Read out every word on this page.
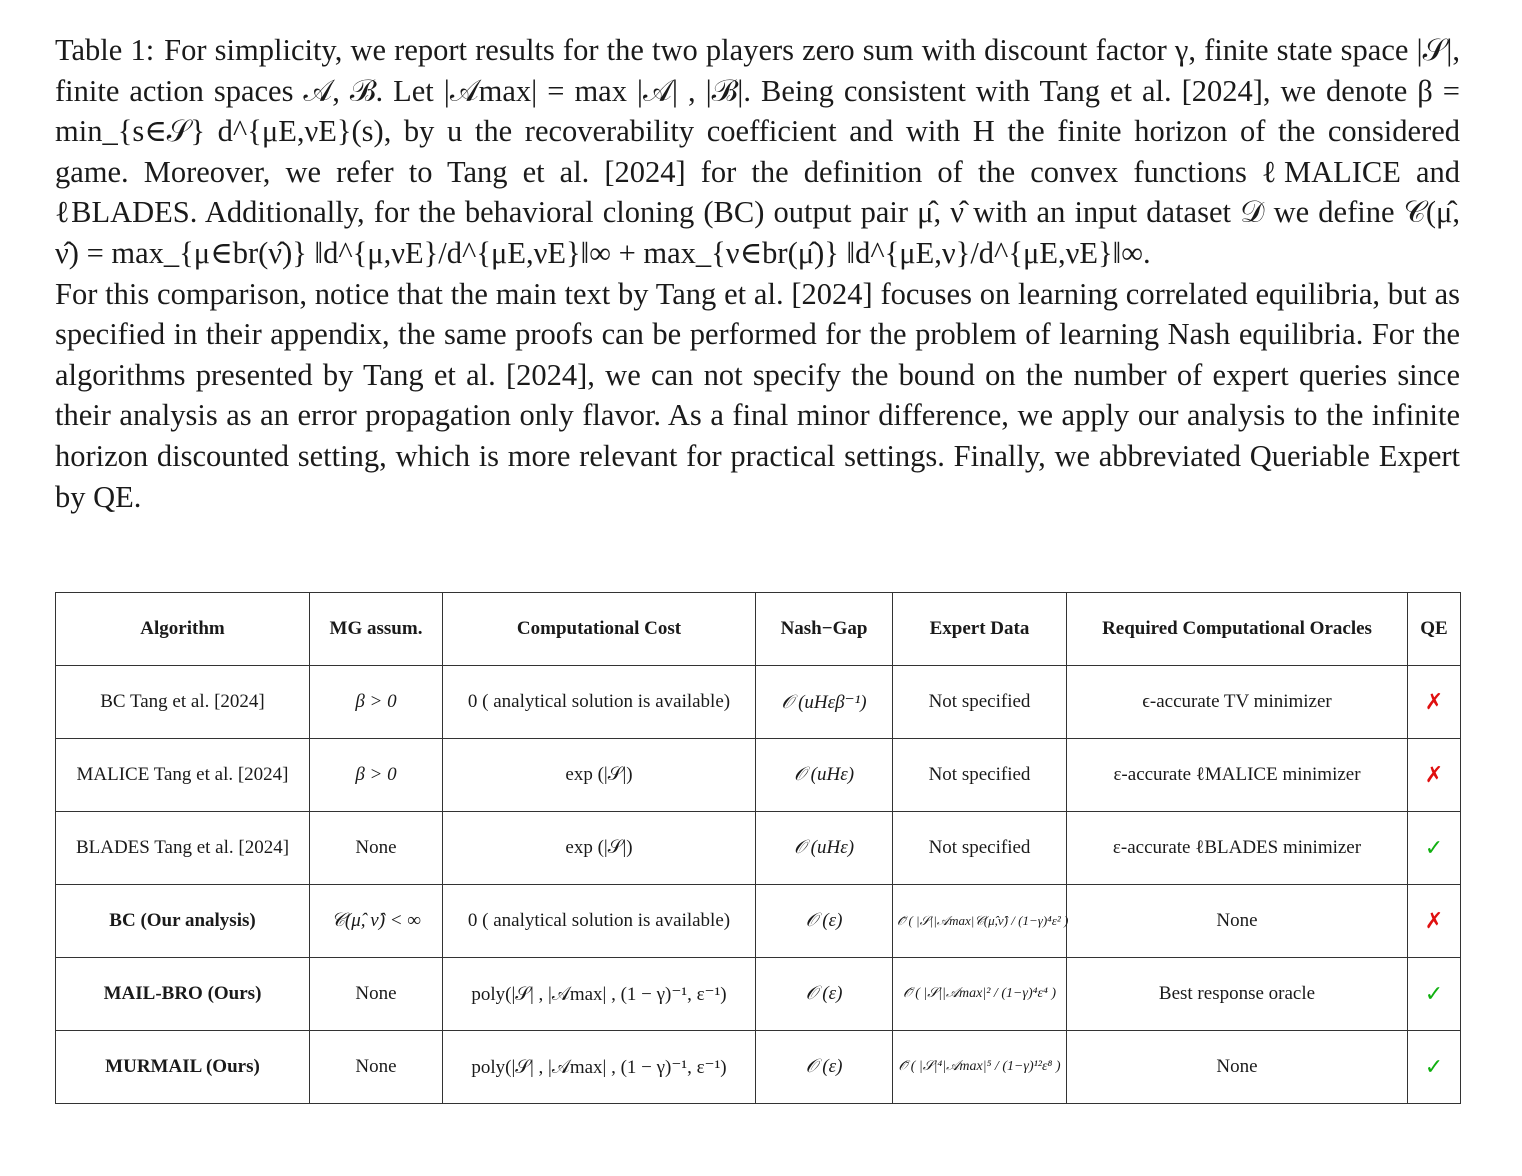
Table 1: For simplicity, we report results for the two players zero sum with discount factor γ, finite state space |𝒮|, finite action spaces 𝒜, ℬ. Let |𝒜max| = max |𝒜| , |ℬ|. Being consistent with Tang et al. [2024], we denote β = min_{s∈𝒮} d^{μE,νE}(s), by u the recoverability coefficient and with H the finite horizon of the considered game. Moreover, we refer to Tang et al. [2024] for the definition of the convex functions ℓMALICE and ℓBLADES. Additionally, for the behavioral cloning (BC) output pair μ̂, ν̂ with an input dataset 𝒟 we define 𝒞(μ̂, ν̂) = max_{μ∈br(ν̂)} ‖d^{μ,νE}/d^{μE,νE}‖∞ + max_{ν∈br(μ̂)} ‖d^{μE,ν}/d^{μE,νE}‖∞.

For this comparison, notice that the main text by Tang et al. [2024] focuses on learning correlated equilibria, but as specified in their appendix, the same proofs can be performed for the problem of learning Nash equilibria. For the algorithms presented by Tang et al. [2024], we can not specify the bound on the number of expert queries since their analysis as an error propagation only flavor. As a final minor difference, we apply our analysis to the infinite horizon discounted setting, which is more relevant for practical settings. Finally, we abbreviated Queriable Expert by QE.

Algorithm	MG assum.	Computational Cost	Nash−Gap	Expert Data	Required Computational Oracles	QE
BC Tang et al. [2024]	β > 0	0 ( analytical solution is available)	𝒪 (uHεβ⁻¹)	Not specified	ϵ-accurate TV minimizer	✗
MALICE Tang et al. [2024]	β > 0	exp (|𝒮|)	𝒪 (uHε)	Not specified	ε-accurate ℓMALICE minimizer	✗
BLADES Tang et al. [2024]	None	exp (|𝒮|)	𝒪 (uHε)	Not specified	ε-accurate ℓBLADES minimizer	✓
BC (Our analysis)	𝒞(μ̂, ν̂) < ∞	0 ( analytical solution is available)	𝒪 (ε)	𝒪̃ ( |𝒮||𝒜max|𝒞(μ̂,ν̂) / (1−γ)⁴ε² )	None	✗
MAIL-BRO (Ours)	None	poly(|𝒮| , |𝒜max| , (1 − γ)⁻¹, ε⁻¹)	𝒪 (ε)	𝒪̃ ( |𝒮||𝒜max|² / (1−γ)⁴ε⁴ )	Best response oracle	✓
MURMAIL (Ours)	None	poly(|𝒮| , |𝒜max| , (1 − γ)⁻¹, ε⁻¹)	𝒪 (ε)	𝒪̃ ( |𝒮|⁴|𝒜max|⁵ / (1−γ)¹²ε⁸ )	None	✓
